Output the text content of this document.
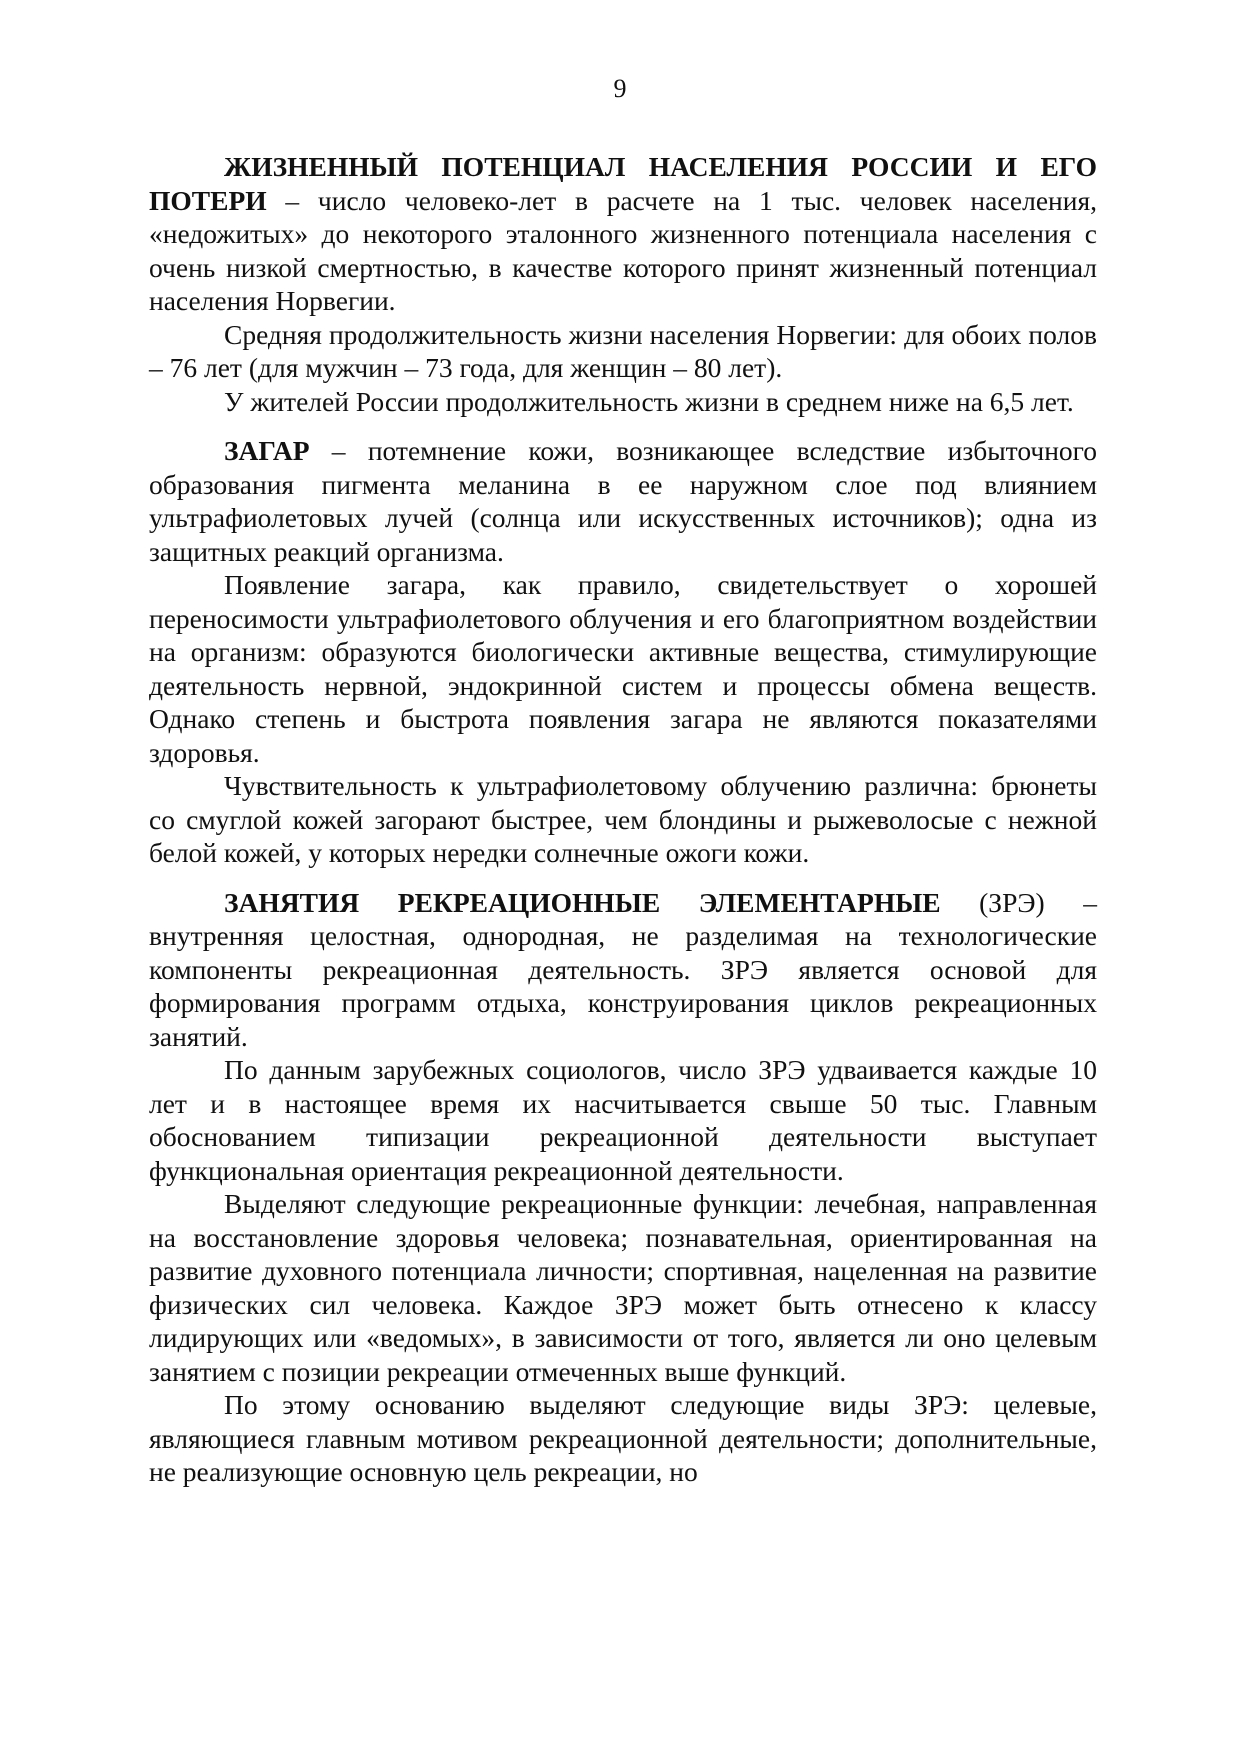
9

ЖИЗНЕННЫЙ ПОТЕНЦИАЛ НАСЕЛЕНИЯ РОССИИ И ЕГО ПОТЕРИ – число человеко-лет в расчете на 1 тыс. человек населения, «недожитых» до некоторого эталонного жизненного потенциала населения с очень низкой смертностью, в качестве которого принят жизненный потенциал населения Норвегии.

Средняя продолжительность жизни населения Норвегии: для обоих полов – 76 лет (для мужчин – 73 года, для женщин – 80 лет).

У жителей России продолжительность жизни в среднем ниже на 6,5 лет.

ЗАГАР – потемнение кожи, возникающее вследствие избыточного образования пигмента меланина в ее наружном слое под влиянием ультрафиолетовых лучей (солнца или искусственных источников); одна из защитных реакций организма.

Появление загара, как правило, свидетельствует о хорошей переносимости ультрафиолетового облучения и его благоприятном воздействии на организм: образуются биологически активные вещества, стимулирующие деятельность нервной, эндокринной систем и процессы обмена веществ. Однако степень и быстрота появления загара не являются показателями здоровья.

Чувствительность к ультрафиолетовому облучению различна: брюнеты со смуглой кожей загорают быстрее, чем блондины и рыжеволосые с нежной белой кожей, у которых нередки солнечные ожоги кожи.

ЗАНЯТИЯ РЕКРЕАЦИОННЫЕ ЭЛЕМЕНТАРНЫЕ (ЗРЭ) – внутренняя целостная, однородная, не разделимая на технологические компоненты рекреационная деятельность. ЗРЭ является основой для формирования программ отдыха, конструирования циклов рекреационных занятий.

По данным зарубежных социологов, число ЗРЭ удваивается каждые 10 лет и в настоящее время их насчитывается свыше 50 тыс. Главным обоснованием типизации рекреационной деятельности выступает функциональная ориентация рекреационной деятельности.

Выделяют следующие рекреационные функции: лечебная, направленная на восстановление здоровья человека; познавательная, ориентированная на развитие духовного потенциала личности; спортивная, нацеленная на развитие физических сил человека. Каждое ЗРЭ может быть отнесено к классу лидирующих или «ведомых», в зависимости от того, является ли оно целевым занятием с позиции рекреации отмеченных выше функций.

По этому основанию выделяют следующие виды ЗРЭ: целевые, являющиеся главным мотивом рекреационной деятельности; дополнительные, не реализующие основную цель рекреации, но
